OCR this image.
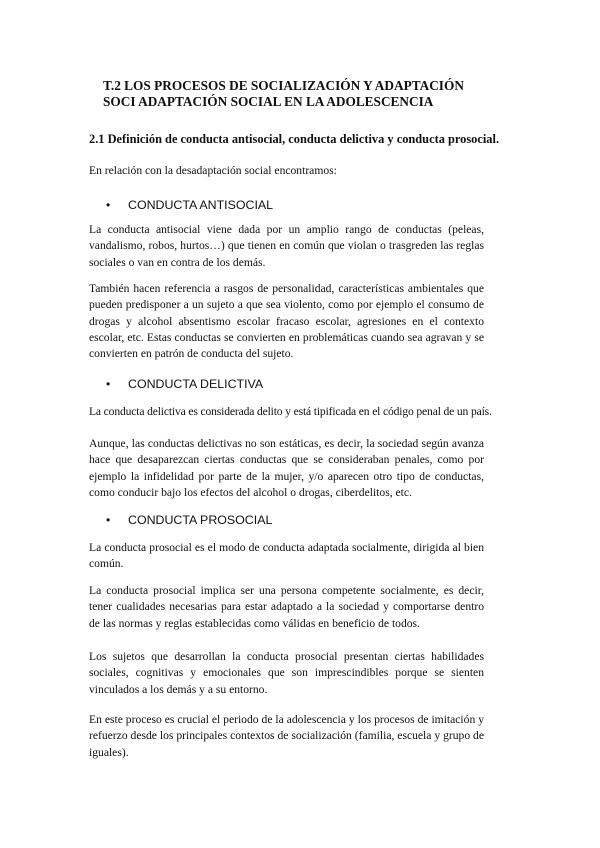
T.2 LOS PROCESOS DE SOCIALIZACIÓN Y ADAPTACIÓN
SOCI ADAPTACIÓN SOCIAL EN LA ADOLESCENCIA
2.1 Definición de conducta antisocial, conducta delictiva y conducta prosocial.
En relación con la desadaptación social encontramos:
• CONDUCTA ANTISOCIAL
La conducta antisocial viene dada por un amplio rango de conductas (peleas, vandalismo, robos, hurtos…) que tienen en común que violan o trasgreden las reglas sociales o van en contra de los demás.
También hacen referencia a rasgos de personalidad, características ambientales que pueden predisponer a un sujeto a que sea violento, como por ejemplo el consumo de drogas y alcohol absentismo escolar fracaso escolar, agresiones en el contexto escolar, etc. Estas conductas se convierten en problemáticas cuando sea agravan y se convierten en patrón de conducta del sujeto.
• CONDUCTA DELICTIVA
La conducta delictiva es considerada delito y está tipificada en el código penal de un país.
Aunque, las conductas delictivas no son estáticas, es decir, la sociedad según avanza hace que desaparezcan ciertas conductas que se consideraban penales, como por ejemplo la infidelidad por parte de la mujer, y/o aparecen otro tipo de conductas, como conducir bajo los efectos del alcohol o drogas, ciberdelitos, etc.
• CONDUCTA PROSOCIAL
La conducta prosocial es el modo de conducta adaptada socialmente, dirigida al bien común.
La conducta prosocial implica ser una persona competente socialmente, es decir, tener cualidades necesarias para estar adaptado a la sociedad y comportarse dentro de las normas y reglas establecidas como válidas en beneficio de todos.
Los sujetos que desarrollan la conducta prosocial presentan ciertas habilidades sociales, cognitivas y emocionales que son imprescindibles porque se sienten vinculados a los demás y a su entorno.
En este proceso es crucial el periodo de la adolescencia y los procesos de imitación y refuerzo desde los principales contextos de socialización (familia, escuela y grupo de iguales).
